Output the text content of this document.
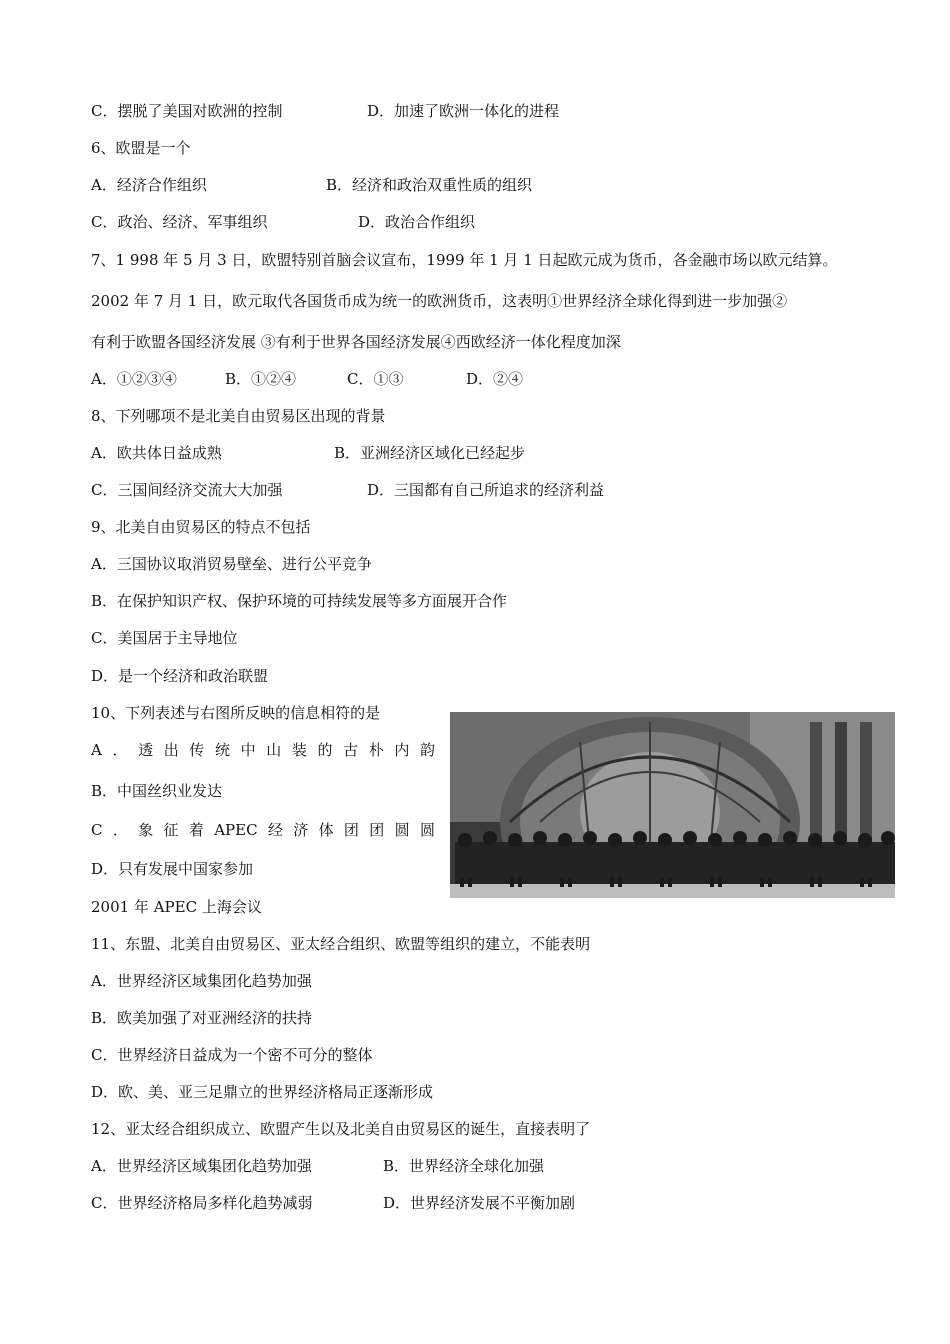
C．摆脱了美国对欧洲的控制	D．加速了欧洲一体化的进程
6、欧盟是一个
A．经济合作组织	B．经济和政治双重性质的组织
C．政治、经济、军事组织	D．政治合作组织
7、1 998 年 5 月 3 日，欧盟特别首脑会议宣布，1999 年 1 月 1 日起欧元成为货币，各金融市场以欧元结算。
2002 年 7 月 1 日，欧元取代各国货币成为统一的欧洲货币，这表明①世界经济全球化得到进一步加强②
有利于欧盟各国经济发展 ③有利于世界各国经济发展④西欧经济一体化程度加深
A．①②③④	B．①②④	C．①③	D．②④
8、下列哪项不是北美自由贸易区出现的背景
A．欧共体日益成熟	B．亚洲经济区域化已经起步
C．三国间经济交流大大加强	D．三国都有自己所追求的经济利益
9、北美自由贸易区的特点不包括
A．三国协议取消贸易壁垒、进行公平竞争
B．在保护知识产权、保护环境的可持续发展等多方面展开合作
C．美国居于主导地位
D．是一个经济和政治联盟
10、下列表述与右图所反映的信息相符的是
A ． 透 出 传 统 中 山 装 的 古 朴 内 韵
B．中国丝织业发达
C ． 象 征 着 APEC 经 济 体 团 团 圆 圆
D．只有发展中国家参加
2001 年 APEC 上海会议
11、东盟、北美自由贸易区、亚太经合组织、欧盟等组织的建立，不能表明
A．世界经济区域集团化趋势加强
B．欧美加强了对亚洲经济的扶持
C．世界经济日益成为一个密不可分的整体
D．欧、美、亚三足鼎立的世界经济格局正逐渐形成
12、亚太经合组织成立、欧盟产生以及北美自由贸易区的诞生，直接表明了
A．世界经济区域集团化趋势加强	B．世界经济全球化加强
C．世界经济格局多样化趋势减弱	D．世界经济发展不平衡加剧
